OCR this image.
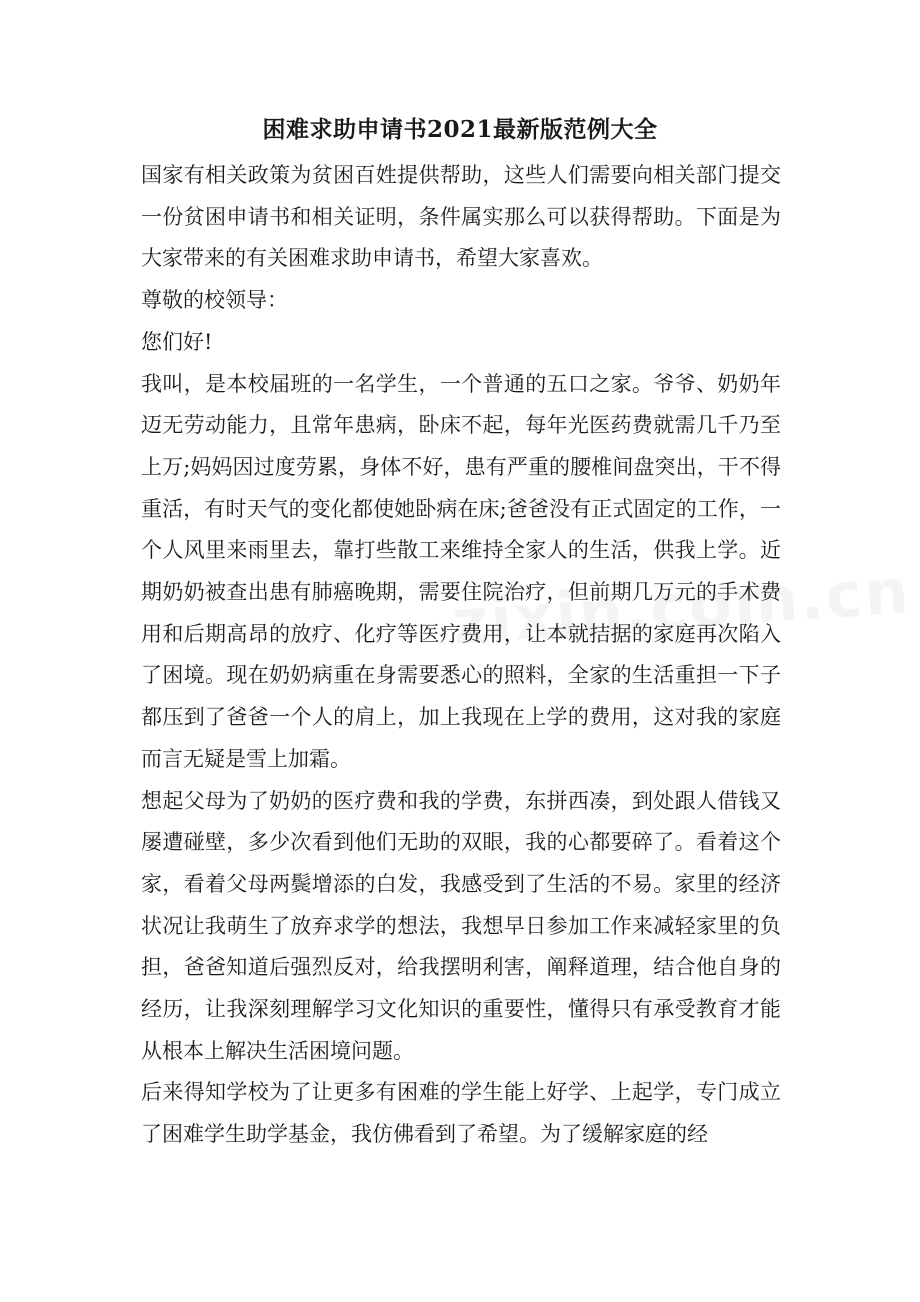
困难求助申请书2021最新版范例大全

国家有相关政策为贫困百姓提供帮助，这些人们需要向相关部门提交一份贫困申请书和相关证明，条件属实那么可以获得帮助。下面是为大家带来的有关困难求助申请书，希望大家喜欢。

尊敬的校领导：

您们好!

我叫，是本校届班的一名学生，一个普通的五口之家。爷爷、奶奶年迈无劳动能力，且常年患病，卧床不起，每年光医药费就需几千乃至上万;妈妈因过度劳累，身体不好，患有严重的腰椎间盘突出，干不得重活，有时天气的变化都使她卧病在床;爸爸没有正式固定的工作，一个人风里来雨里去，靠打些散工来维持全家人的生活，供我上学。近期奶奶被查出患有肺癌晚期，需要住院治疗，但前期几万元的手术费用和后期高昂的放疗、化疗等医疗费用，让本就拮据的家庭再次陷入了困境。现在奶奶病重在身需要悉心的照料，全家的生活重担一下子都压到了爸爸一个人的肩上，加上我现在上学的费用，这对我的家庭而言无疑是雪上加霜。

想起父母为了奶奶的医疗费和我的学费，东拼西凑，到处跟人借钱又屡遭碰壁，多少次看到他们无助的双眼，我的心都要碎了。看着这个家，看着父母两鬓增添的白发，我感受到了生活的不易。家里的经济状况让我萌生了放弃求学的想法，我想早日参加工作来减轻家里的负担，爸爸知道后强烈反对，给我摆明利害，阐释道理，结合他自身的经历，让我深刻理解学习文化知识的重要性，懂得只有承受教育才能从根本上解决生活困境问题。

后来得知学校为了让更多有困难的学生能上好学、上起学，专门成立了困难学生助学基金，我仿佛看到了希望。为了缓解家庭的经
